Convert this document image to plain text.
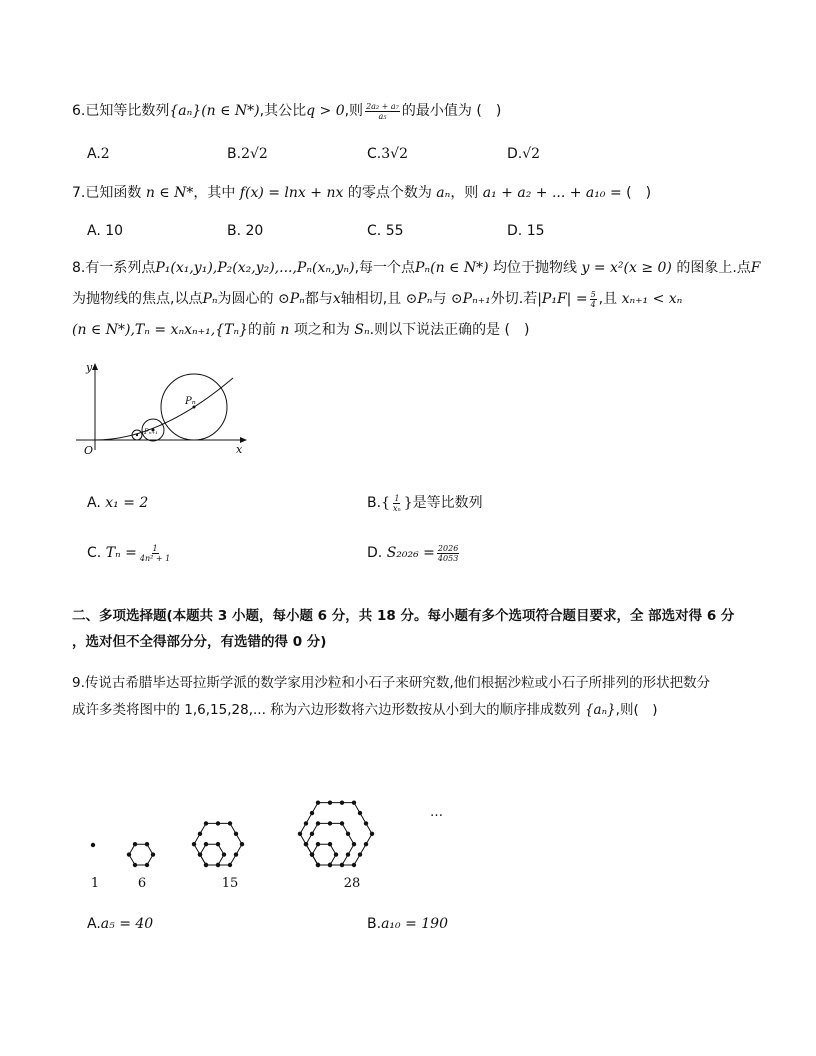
6.已知等比数列{aₙ}(n ∈ N*),其公比q > 0,则 $\frac{\text{2a₂ + a₇}}{\text{a₅}}$ 的最小值为 (　)
A.2	B.2√2	C.3√2	D.√2
7.已知函数 n ∈ N*，其中 f(x) = lnx + nx 的零点个数为 aₙ，则 a₁ + a₂ + ... + a₁₀ = (　)
A. 10	B. 20	C. 55	D. 15
8.有一系列点P₁(x₁,y₁),P₂(x₂,y₂),...,Pₙ(xₙ,yₙ),每一个点Pₙ(n ∈ N*) 均位于抛物线 y = x²(x ≥ 0) 的图象上.点F
为抛物线的焦点,以点Pₙ为圆心的 ⊙Pₙ都与x轴相切,且 ⊙Pₙ与 ⊙Pₙ₊₁外切.若$|P_1F| = \frac{5}{4}$ ,且 xₙ₊₁ < xₙ
(n ∈ N*),Tₙ = xₙxₙ₊₁,{Tₙ}的前 n 项之和为 Sₙ.则以下说法正确的是 (　)
y
x
O
Pₙ
Pₙ₊₁
A. x₁ = 2	$B.\{ \frac{1}{\text{xₙ}}$ }是等比数列
C. $T_n = \frac{1}{\text{4n² + 1}}$	D. $S_{2026} = \frac{2026}{4053}$
二、多项选择题(本题共 3 小题，每小题 6 分，共 18 分。每小题有多个选项符合题目要求，全 部选对得 6 分
，选对但不全得部分分，有选错的得 0 分)
9.传说古希腊毕达哥拉斯学派的数学家用沙粒和小石子来研究数,他们根据沙粒或小石子所排列的形状把数分
成许多类将图中的 1,6,15,28,... 称为六边形数将六边形数按从小到大的顺序排成数列 {aₙ},则(　)
1	6	15	28
…
A.a₅ = 40	B.a₁₀ = 190
